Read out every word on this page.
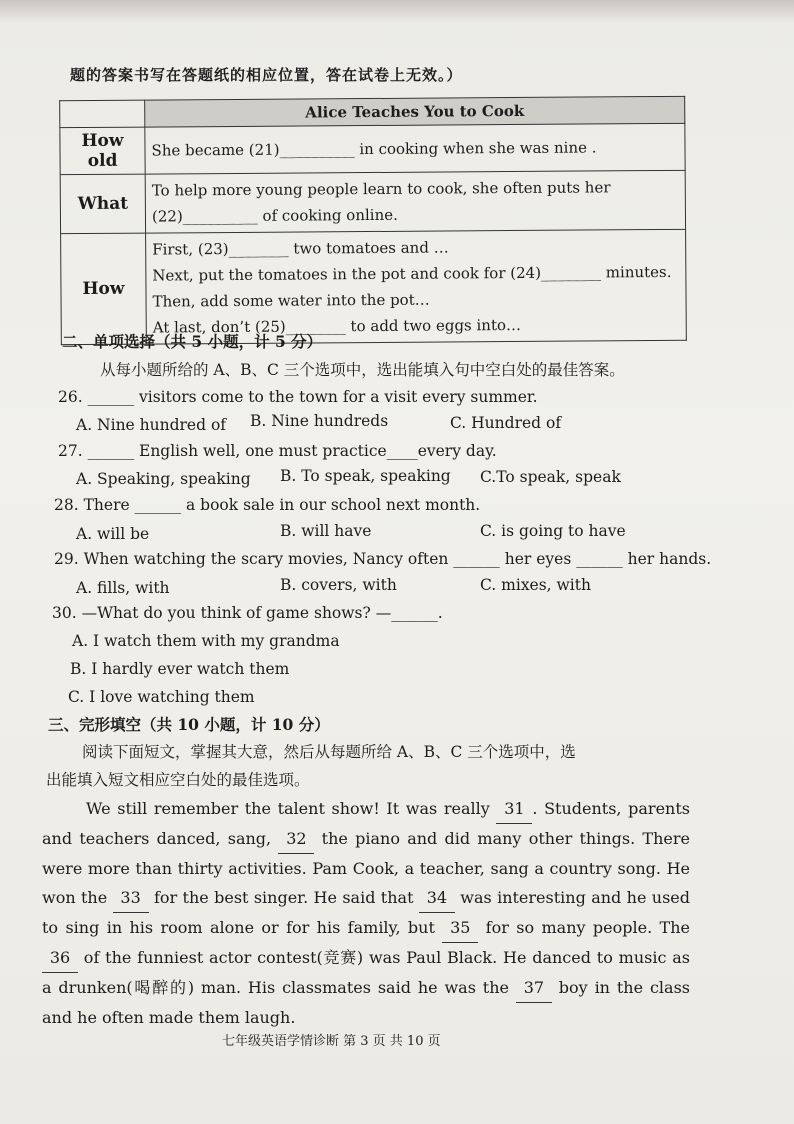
题的答案书写在答题纸的相应位置，答在试卷上无效。）
	Alice Teaches You to Cook
How old	She became (21)__________ in cooking when she was nine .
What	To help more young people learn to cook, she often puts her (22)__________ of cooking online.
How	First, (23)________ two tomatoes and …
Next, put the tomatoes in the pot and cook for (24)________ minutes.
Then, add some water into the pot…
At last, don’t (25)________ to add two eggs into…
二、单项选择（共 5 小题，计 5 分）
从每小题所给的 A、B、C 三个选项中，选出能填入句中空白处的最佳答案。
26. ______ visitors come to the town for a visit every summer.
A. Nine hundred of B. Nine hundreds	C. Hundred of
27. ______ English well, one must practice____every day.
A. Speaking, speaking B. To speak, speaking C.To speak, speak
28. There ______ a book sale in our school next month.
A. will be	B. will have	C. is going to have
29. When watching the scary movies, Nancy often ______ her eyes ______ her hands.
A. fills, with	B. covers, with	C. mixes, with
30. —What do you think of game shows? —______.
A. I watch them with my grandma
B. I hardly ever watch them
C. I love watching them
三、完形填空（共 10 小题，计 10 分）
阅读下面短文，掌握其大意，然后从每题所给 A、B、C 三个选项中，选
出能填入短文相应空白处的最佳选项。
We still remember the talent show! It was really 31 . Students, parents and teachers danced, sang, 32 the piano and did many other things. There were more than thirty activities. Pam Cook, a teacher, sang a country song. He won the 33 for the best singer. He said that 34 was interesting and he used to sing in his room alone or for his family, but 35 for so many people. The 36 of the funniest actor contest(竞赛) was Paul Black. He danced to music as a drunken(喝醉的) man. His classmates said he was the 37 boy in the class and he often made them laugh.
七年级英语学情诊断 第 3 页 共 10 页
